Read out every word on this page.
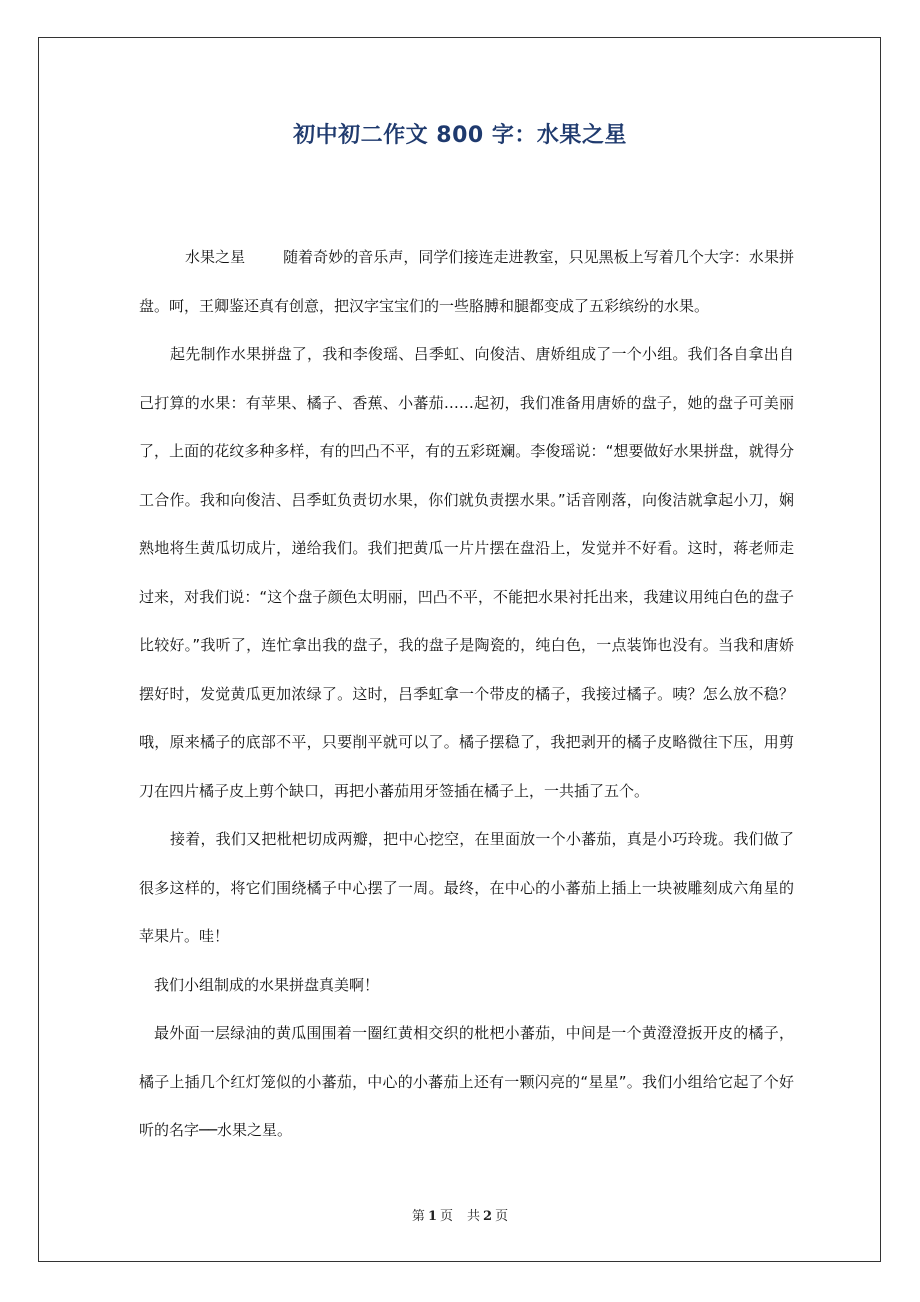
初中初二作文 800 字：水果之星

水果之星	随着奇妙的音乐声，同学们接连走进教室，只见黑板上写着几个大字：水果拼盘。呵，王卿鉴还真有创意，把汉字宝宝们的一些胳膊和腿都变成了五彩缤纷的水果。

起先制作水果拼盘了，我和李俊瑶、吕季虹、向俊洁、唐娇组成了一个小组。我们各自拿出自己打算的水果：有苹果、橘子、香蕉、小蕃茄……起初，我们准备用唐娇的盘子，她的盘子可美丽了，上面的花纹多种多样，有的凹凸不平，有的五彩斑斓。李俊瑶说：“想要做好水果拼盘，就得分工合作。我和向俊洁、吕季虹负责切水果，你们就负责摆水果。”话音刚落，向俊洁就拿起小刀，娴熟地将生黄瓜切成片，递给我们。我们把黄瓜一片片摆在盘沿上，发觉并不好看。这时，蒋老师走过来，对我们说：“这个盘子颜色太明丽，凹凸不平，不能把水果衬托出来，我建议用纯白色的盘子比较好。”我听了，连忙拿出我的盘子，我的盘子是陶瓷的，纯白色，一点装饰也没有。当我和唐娇摆好时，发觉黄瓜更加浓绿了。这时，吕季虹拿一个带皮的橘子，我接过橘子。咦？怎么放不稳？哦，原来橘子的底部不平，只要削平就可以了。橘子摆稳了，我把剥开的橘子皮略微往下压，用剪刀在四片橘子皮上剪个缺口，再把小蕃茄用牙签插在橘子上，一共插了五个。

接着，我们又把枇杷切成两瓣，把中心挖空，在里面放一个小蕃茄，真是小巧玲珑。我们做了很多这样的，将它们围绕橘子中心摆了一周。最终，在中心的小蕃茄上插上一块被雕刻成六角星的苹果片。哇！

我们小组制成的水果拼盘真美啊！

最外面一层绿油的黄瓜围围着一圈红黄相交织的枇杷小蕃茄，中间是一个黄澄澄扳开皮的橘子，橘子上插几个红灯笼似的小蕃茄，中心的小蕃茄上还有一颗闪亮的“星星”。我们小组给它起了个好听的名字──水果之星。

第 1 页 共 2 页
